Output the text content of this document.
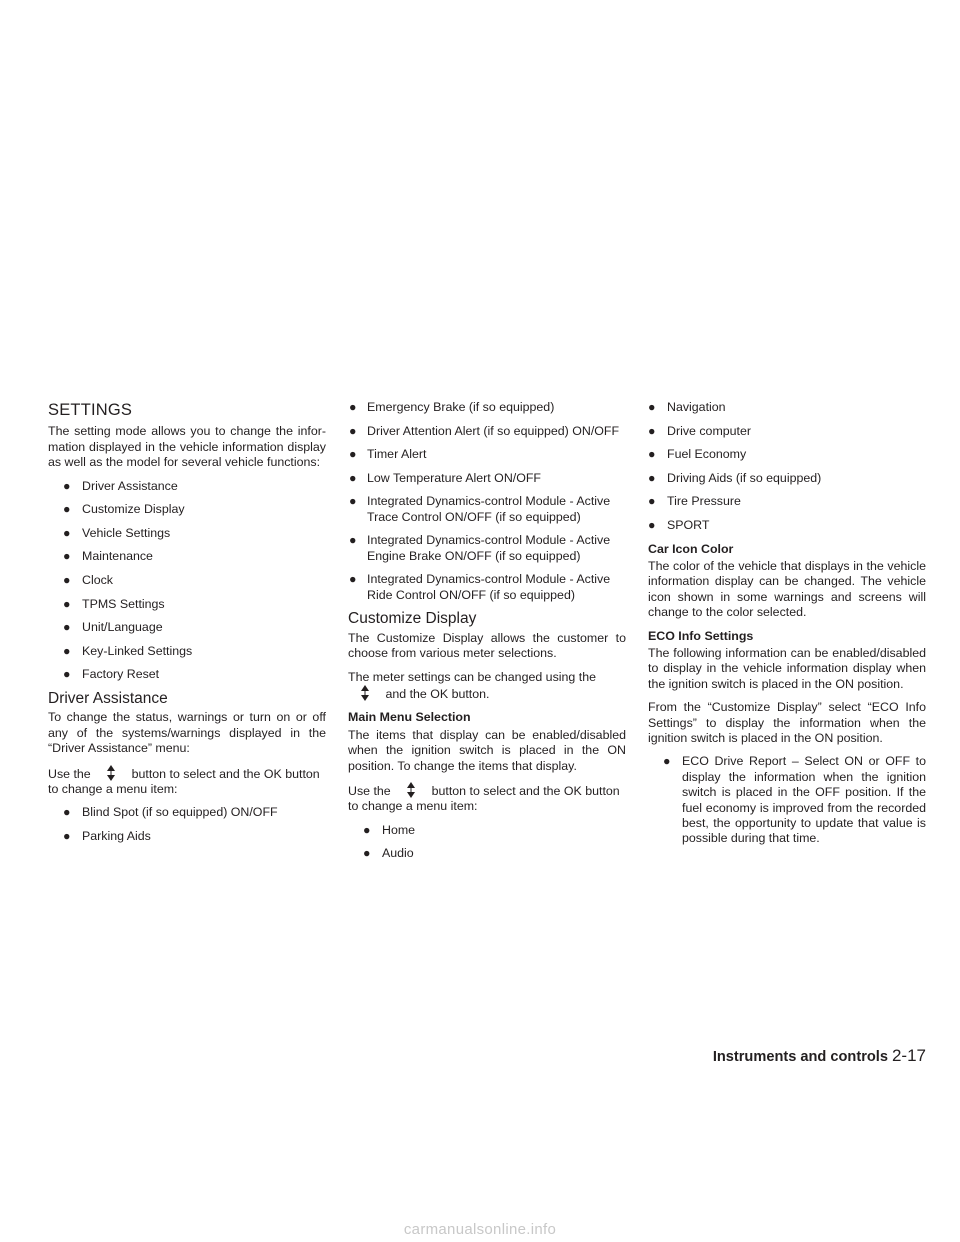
SETTINGS

The setting mode allows you to change the information displayed in the vehicle information display as well as the model for several vehicle functions:

● Driver Assistance
● Customize Display
● Vehicle Settings
● Maintenance
● Clock
● TPMS Settings
● Unit/Language
● Key-Linked Settings
● Factory Reset
Driver Assistance

To change the status, warnings or turn on or off any of the systems/warnings displayed in the “Driver Assistance” menu:

Use the	button to select and the OK button to change a menu item:

● Blind Spot (if so equipped) ON/OFF
● Parking Aids
● Emergency Brake (if so equipped)
● Driver Attention Alert (if so equipped) ON/OFF
● Timer Alert
● Low Temperature Alert ON/OFF
● Integrated Dynamics-control Module - Active Trace Control ON/OFF (if so equipped)
● Integrated Dynamics-control Module - Active Engine Brake ON/OFF (if so equipped)
● Integrated Dynamics-control Module - Active Ride Control ON/OFF (if so equipped)
Customize Display

The Customize Display allows the customer to choose from various meter selections.

The meter settings can be changed using the  and the OK button.

Main Menu Selection

The items that display can be enabled/disabled when the ignition switch is placed in the ON position. To change the items that display.

Use the	button to select and the OK button to change a menu item:

● Home
● Audio
● Navigation
● Drive computer
● Fuel Economy
● Driving Aids (if so equipped)
● Tire Pressure
● SPORT
Car Icon Color

The color of the vehicle that displays in the vehicle information display can be changed. The vehicle icon shown in some warnings and screens will change to the color selected.

ECO Info Settings

The following information can be enabled/disabled to display in the vehicle information display when the ignition switch is placed in the ON position.

From the “Customize Display” select “ECO Info Settings” to display the information when the ignition switch is placed in the ON position.

● ECO Drive Report – Select ON or OFF to display the information when the ignition switch is placed in the OFF position. If the fuel economy is improved from the recorded best, the opportunity to update that value is possible during that time.
Instruments and controls 2-17
carmanualsonline.info
